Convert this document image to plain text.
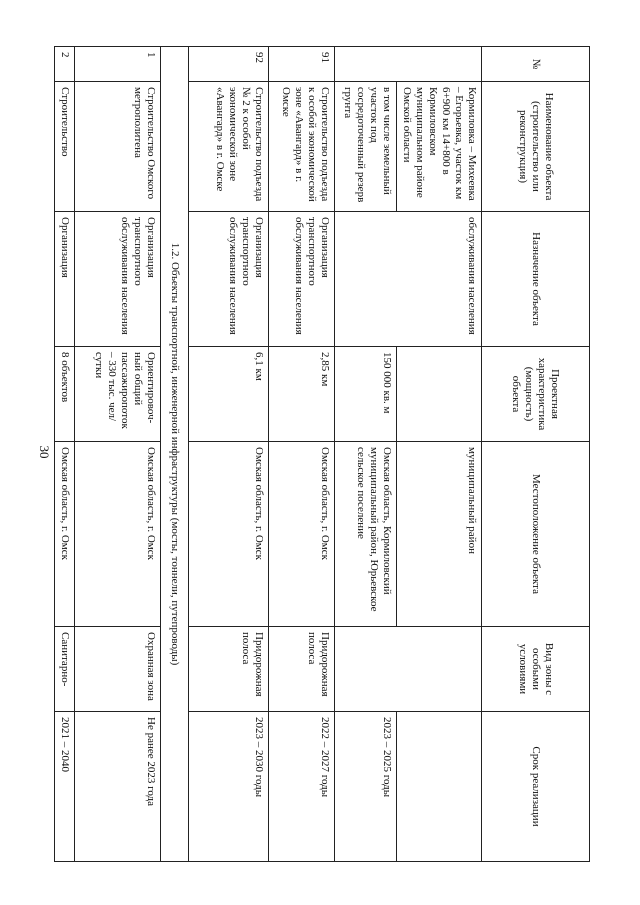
30
№	Наименование объекта (строительство или реконструкция)	Назначение объекта	Проектная характеристика (мощность) объекта	Местоположение объекта	Вид зоны с особыми условиями	Срок реализации
	Кормиловка – Михеевка – Егорьевка, участок км 6+900 км 14+800 в Кормиловском муниципальном районе Омской области	обслуживания населения		муниципальный район		
	в том числе земельный участок под сосредоточенный резерв грунта		150 000 кв. м	Омская область, Кормиловский муниципальный район, Юрьевское сельское поселение		2023 – 2025 годы
91	Строительство подъезда к особой экономической зоне «Авангард» в г. Омске	Организация транспортного обслуживания населения	2,85 км	Омская область, г. Омск	Придорожная полоса	2022 – 2027 годы
92	Строительство подъезда № 2 к особой экономической зоне «Авангард» в г. Омске	Организация транспортного обслуживания населения	6,1 км	Омская область, г. Омск	Придорожная полоса	2023 – 2030 годы
1.2. Объекты транспортной, инженерной инфраструктуры (мосты, тоннели, путепроводы)						
1	Строительство Омского метрополитена	Организация транспортного обслуживания населения	Ориентировоч-ный общий пассажиропоток – 330 тыс. чел/сутки	Омская область, г. Омск	Охранная зона	Не ранее 2023 года
2	Строительство	Организация	8 объектов	Омская область, г. Омск	Санитарно-	2021 – 2040
